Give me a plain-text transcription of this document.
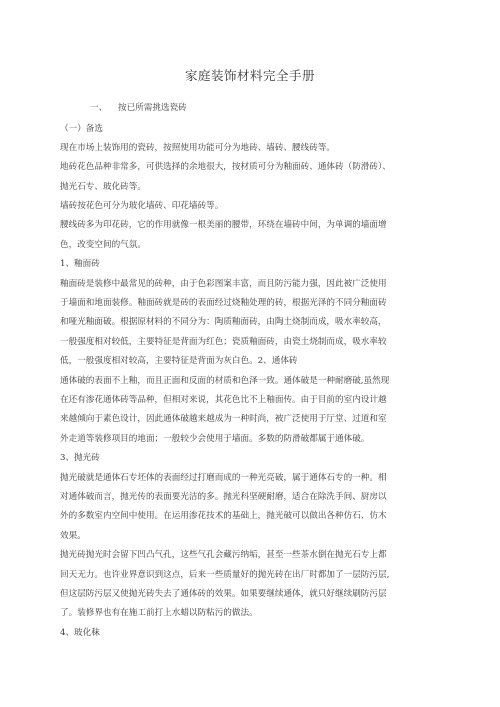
家庭装饰材料完全手册
一、 按已所需挑选瓷砖
（一）备选
现在市场上装饰用的瓷砖，按照使用功能可分为地砖、墙砖、腰线砖等。
地砖花色品种非常多，可供选择的余地很大，按材质可分为釉面砖、通体砖（防滑砖）、
抛光石专、玻化砖等。
墙砖按花色可分为玻化墙砖、印花墙砖等。
腰线砖多为印花砖，它的作用就像一根美丽的腰带，环绕在墙砖中间，为单调的墙面增
色，改变空间的气氛。
1、釉面砖
釉面砖是装修中最常见的砖种，由于色彩图案丰富，而且防污能力强，因此被广泛使用
于墙面和地面装修。釉面砖就是砖的表面经过烧釉处理的砖，根据光泽的不同分釉面砖
和哑光釉面破。根据原材料的不同分为：陶质釉面砖，由陶土烧制而成，吸水率较高，
一般强度相对较低，主要特征是背面为红色；瓷质釉面砖，由瓷土烧制而成，吸水率较
低，一般强度相对较高，主要特征是背面为灰白色。2、通体砖
通体破的表面不上釉，而且正面和反面的材质和色泽一致。通体破是一种耐磨破,虽然现
在还有渗花通体砖等品种，但相对来说，其花色比不上釉面传。由于目前的室内设计越
来越倾向于素色设计，因此通体破越来越成为一种时尚，被广泛使用于厅堂、过道和室
外走道等装修项目的地面；一般较少会使用于墙面。多数的防滑破都属于通体破。
3、抛光砖
抛光破就是通体石专坯体的表面经过打磨而成的一种光亮破，属于通体石专的一种。相
对通体破而言，抛光传的表面要光洁的多。抛光科坚硬耐磨，适合在除洗手间、厨房以
外的多数室内空间中使用。在运用渗花技术的基础上，抛光破可以做出各种仿石、仿木
效果。
抛光砖抛光时会留下凹凸气孔，这些气孔会藏污纳垢，甚至一些茶水倒在抛光石专上都
回天无力。也许业界意识到这点，后来一些质量好的抛光砖在出厂时都加了一层防污层,
但这层防污层又使抛光砖失去了通体砖的效果。如果要继续通体，就只好继续刷防污层
了。装修界也有在施工前打上水蜡以防粘污的做法。
4、玻化秣
